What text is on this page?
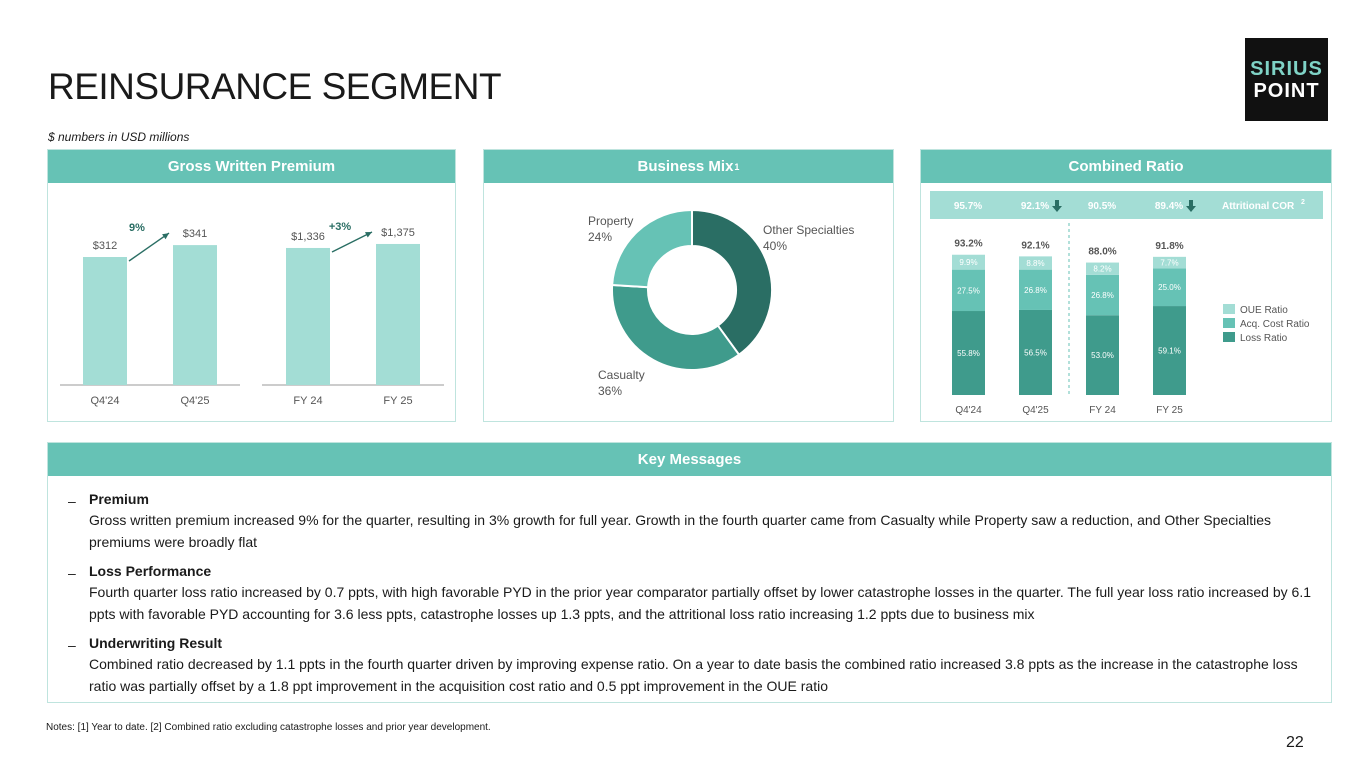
REINSURANCE SEGMENT
$ numbers in USD millions
SIRIUS
POINT
Gross Written Premium
$312
Q4'24
$341
Q4'25
9%
$1,336
FY 24
$1,375
FY 25
+3%
Business Mix 1
Other Specialties
40%
Casualty
36%
Property
24%
Combined Ratio
95.7%	92.1%	90.5%	89.4%	Attritional COR 2
55.8%
27.5%
9.9%
93.2%
Q4'24
56.5%
26.8%
8.8%
92.1%
Q4'25
53.0%
26.8%
8.2%
88.0%
FY 24
59.1%
25.0%
7.7%
91.8%
FY 25
OUE Ratio
Acq. Cost Ratio
Loss Ratio
Key Messages
– Premium
Gross written premium increased 9% for the quarter, resulting in 3% growth for full year. Growth in the fourth quarter came from Casualty while Property saw a reduction, and Other Specialties premiums were broadly flat
– Loss Performance
Fourth quarter loss ratio increased by 0.7 ppts, with high favorable PYD in the prior year comparator partially offset by lower catastrophe losses in the quarter. The full year loss ratio increased by 6.1 ppts with favorable PYD accounting for 3.6 less ppts, catastrophe losses up 1.3 ppts, and the attritional loss ratio increasing 1.2 ppts due to business mix
– Underwriting Result
Combined ratio decreased by 1.1 ppts in the fourth quarter driven by improving expense ratio. On a year to date basis the combined ratio increased 3.8 ppts as the increase in the catastrophe loss ratio was partially offset by a 1.8 ppt improvement in the acquisition cost ratio and 0.5 ppt improvement in the OUE ratio
Notes: [1] Year to date. [2] Combined ratio excluding catastrophe losses and prior year development.
22
